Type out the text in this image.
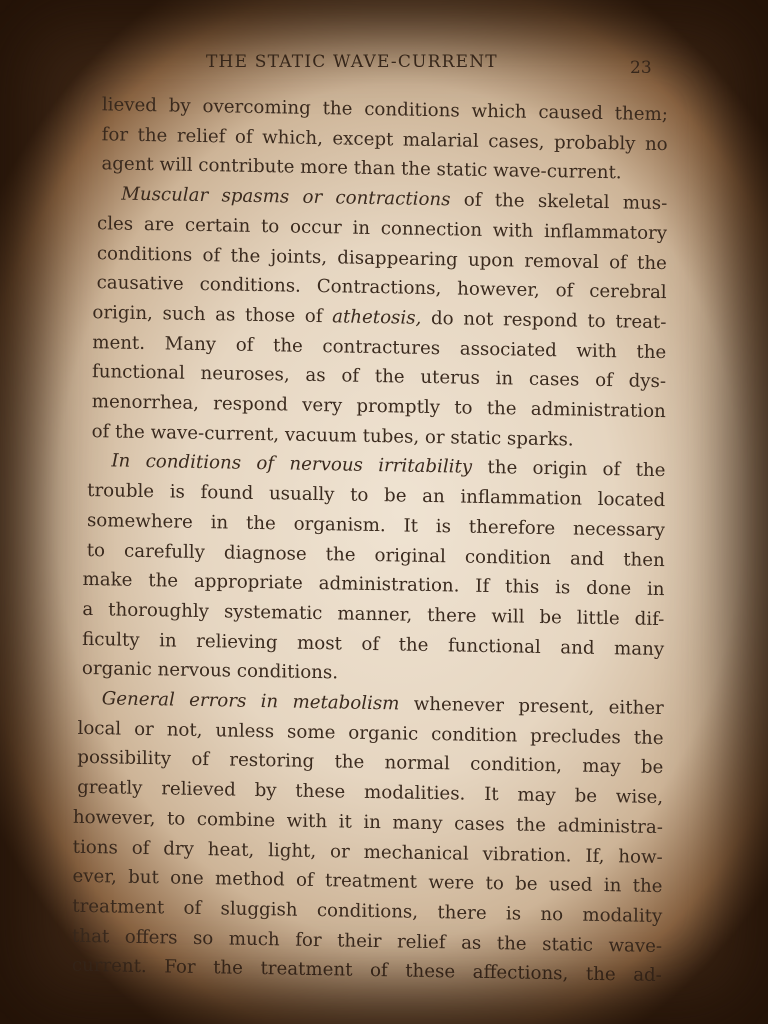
THE STATIC WAVE-CURRENT	23
lieved by overcoming the conditions which caused them;
for the relief of which, except malarial cases, probably no
agent will contribute more than the static wave-current.
Muscular spasms or contractions of the skeletal mus-
cles are certain to occur in connection with inflammatory
conditions of the joints, disappearing upon removal of the
causative conditions. Contractions, however, of cerebral
origin, such as those of athetosis, do not respond to treat-
ment. Many of the contractures associated with the
functional neuroses, as of the uterus in cases of dys-
menorrhea, respond very promptly to the administration
of the wave-current, vacuum tubes, or static sparks.
In conditions of nervous irritability the origin of the
trouble is found usually to be an inflammation located
somewhere in the organism. It is therefore necessary
to carefully diagnose the original condition and then
make the appropriate administration. If this is done in
a thoroughly systematic manner, there will be little dif-
ficulty in relieving most of the functional and many
organic nervous conditions.
General errors in metabolism whenever present, either
local or not, unless some organic condition precludes the
possibility of restoring the normal condition, may be
greatly relieved by these modalities. It may be wise,
however, to combine with it in many cases the administra-
tions of dry heat, light, or mechanical vibration. If, how-
ever, but one method of treatment were to be used in the
treatment of sluggish conditions, there is no modality
that offers so much for their relief as the static wave-
current. For the treatment of these affections, the ad-
